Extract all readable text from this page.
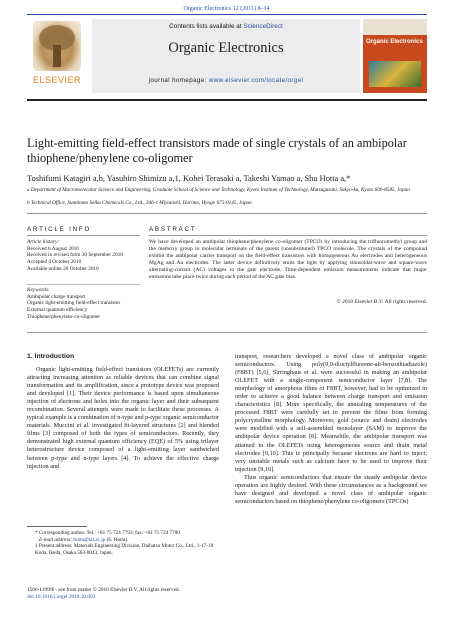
Organic Electronics 12 (2011) 8–14
ELSEVIER
Contents lists available at ScienceDirect
Organic Electronics
journal homepage: www.elsevier.com/locate/orgel
Organic Electronics
Light-emitting field-effect transistors made of single crystals of an ambipolar thiophene/phenylene co-oligomer
Toshifumi Katagiri a,b, Yasuhiro Shimizu a,1, Kohei Terasaki a, Takeshi Yamao a, Shu Hotta a,*
a Department of Macromolecular Science and Engineering, Graduate School of Science and Technology, Kyoto Institute of Technology, Matsugasaki, Sakyo-ku, Kyoto 606-8585, Japan
b Technical Office, Sumitomo Seika Chemicals Co., Ltd., 346-1 Miyanishi, Harima, Hyogo 675-0145, Japan
ARTICLE INFO	ABSTRACT
Article history:
Received 6 August 2010
Received in revised form 30 September 2010
Accepted 4 October 2010
Available online 20 October 2010
Keywords:
Ambipolar charge transport
Organic light-emitting field-effect transistor
External quantum efficiency
Thiophene/phenylene co-oligomer
We have developed an ambipolar thiophene/phenylene co-oligomer (TPCO) by introducing the trifluoromethyl group and the methoxy group to molecular terminals of the parent (unsubstituted) TPCO molecule. The crystals of the compound exhibit the ambipolar carrier transport on the field-effect transistors with homogeneous Au electrodes and heterogeneous MgAg and Au electrodes. The latter device definitively emits the light by applying sinusoidal-wave and square-wave alternating-current (AC) voltages to the gate electrode. Time-dependent emission measurements indicate that major emissions take place twice during each period of the AC gate bias.
© 2010 Elsevier B.V. All rights reserved.
1. Introduction

Organic light-emitting field-effect transistors (OLEFETs) are currently attracting increasing attention as reliable devices that can combine signal transformation and its amplification, since a prototype device was proposed and developed [1]. Their device performance is based upon simultaneous injection of electrons and holes into the organic layer and their subsequent recombination. Several attempts were made to facilitate these processes. A typical example is a combination of n-type and p-type organic semiconductor materials. Muccini et al. investigated bi-layered structures [2] and blended films [3] composed of both the types of semiconductors. Recently, they demonstrated high external quantum efficiency (EQE) of 5% using trilayer heterostructure device composed of a light-emitting layer sandwiched between p-type and n-type layers [4]. To achieve the effective charge injection and

transport, researchers developed a novel class of ambipolar organic semiconductors. Using poly(9,9-dioctylfluorene-alt-benzothiadiazole) (F8BT) [5,6], Sirringhaus et al. were successful in making an ambipolar OLEFET with a single-component semiconductor layer [7,8]. The morphology of amorphous films of F8BT, however, had to be optimized in order to achieve a good balance between charge transport and emission characteristics [8]. More specifically, the annealing temperatures of the processed F8BT were carefully set to prevent the films from forming polycrystalline morphology. Moreover, gold (source and drain) electrodes were modified with a self-assembled monolayer (SAM) to improve the ambipolar device operation [8]. Meanwhile, the ambipolar transport was attained in the OLEFETs using heterogeneous source and drain metal electrodes [9,10]. This is principally because electrons are hard to inject; very unstable metals such as calcium have to be used to improve their injection [9,10].

Thus organic semiconductors that ensure the steady ambipolar device operation are highly desired. With these circumstances as a background we have designed and developed a novel class of ambipolar organic semiconductors based on thiophene/phenylene co-oligomers (TPCOs)

* Corresponding author. Tel.: +81 75 724 7793; fax: +81 75 724 7780.
E-mail address: hotta@kit.ac.jp (S. Hotta).
1 Present address: Materials Engineering Division, Daihatsu Motor Co., Ltd., 1-17-18 Koda, Ikeda, Osaka 563-0043, Japan.
1566-1199/$ - see front matter © 2010 Elsevier B.V. All rights reserved.
doi:10.1016/j.orgel.2010.10.003
